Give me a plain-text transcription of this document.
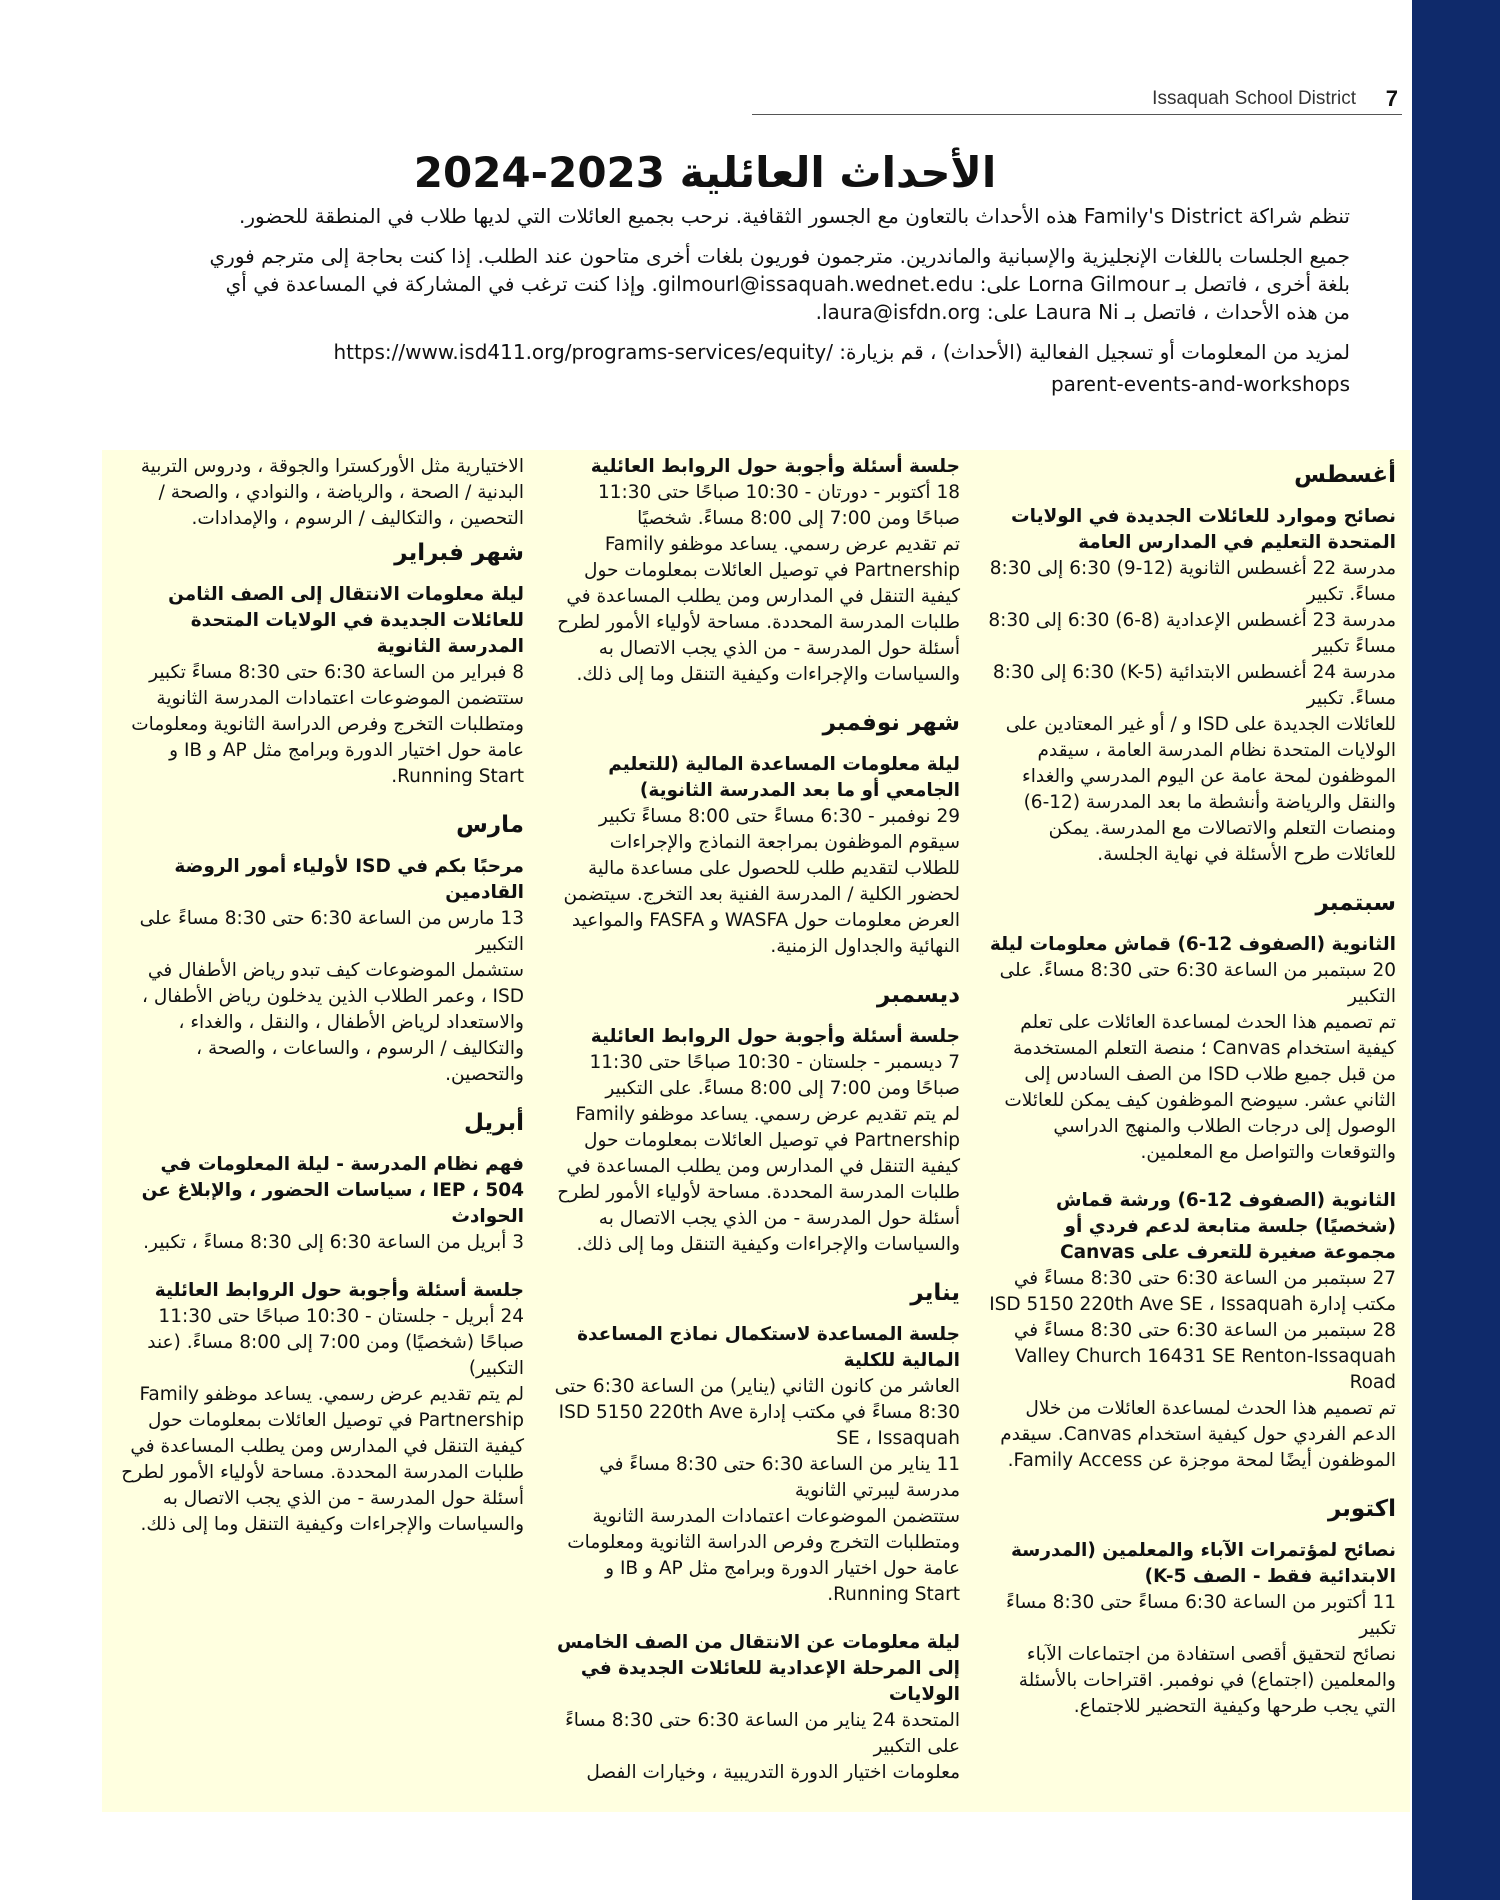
Issaquah School District 7
الأحداث العائلية 2023-2024

تنظم شراكة Family's District هذه الأحداث بالتعاون مع الجسور الثقافية. نرحب بجميع العائلات التي لديها طلاب في المنطقة للحضور.

جميع الجلسات باللغات الإنجليزية والإسبانية والماندرين. مترجمون فوريون بلغات أخرى متاحون عند الطلب. إذا كنت بحاجة إلى مترجم فوري بلغة أخرى ، فاتصل بـ Lorna Gilmour على: gilmourl@issaquah.wednet.edu. وإذا كنت ترغب في المشاركة في المساعدة في أي من هذه الأحداث ، فاتصل بـ Laura Ni على: laura@isfdn.org.

لمزيد من المعلومات أو تسجيل الفعالية (الأحداث) ، قم بزيارة: /https://www.isd411.org/programs-services/equity

parent-events-and-workshops

أغسطس

نصائح وموارد للعائلات الجديدة في الولايات المتحدة التعليم في المدارس العامة

مدرسة 22 أغسطس الثانوية (12-9) 6:30 إلى 8:30 مساءً. تكبير
مدرسة 23 أغسطس الإعدادية (8-6) 6:30 إلى 8:30 مساءً تكبير
مدرسة 24 أغسطس الابتدائية (K-5) 6:30 إلى 8:30 مساءً. تكبير
للعائلات الجديدة على ISD و / أو غير المعتادين على الولايات المتحدة نظام المدرسة العامة ، سيقدم الموظفون لمحة عامة عن اليوم المدرسي والغداء والنقل والرياضة وأنشطة ما بعد المدرسة (12-6) ومنصات التعلم والاتصالات مع المدرسة. يمكن للعائلات طرح الأسئلة في نهاية الجلسة.

سبتمبر

الثانوية (الصفوف 12-6) قماش معلومات ليلة

20 سبتمبر من الساعة 6:30 حتى 8:30 مساءً. على التكبير
تم تصميم هذا الحدث لمساعدة العائلات على تعلم كيفية استخدام Canvas ؛ منصة التعلم المستخدمة من قبل جميع طلاب ISD من الصف السادس إلى الثاني عشر. سيوضح الموظفون كيف يمكن للعائلات الوصول إلى درجات الطلاب والمنهج الدراسي والتوقعات والتواصل مع المعلمين.

الثانوية (الصفوف 12-6) ورشة قماش (شخصيًا) جلسة متابعة لدعم فردي أو مجموعة صغيرة للتعرف على Canvas

27 سبتمبر من الساعة 6:30 حتى 8:30 مساءً في مكتب إدارة ISD 5150 220th Ave SE ، Issaquah
28 سبتمبر من الساعة 6:30 حتى 8:30 مساءً في Valley Church 16431 SE Renton-Issaquah Road
تم تصميم هذا الحدث لمساعدة العائلات من خلال الدعم الفردي حول كيفية استخدام Canvas. سيقدم الموظفون أيضًا لمحة موجزة عن Family Access.

اكتوبر

نصائح لمؤتمرات الآباء والمعلمين (المدرسة الابتدائية فقط - الصف K-5)

11 أكتوبر من الساعة 6:30 مساءً حتى 8:30 مساءً تكبير
نصائح لتحقيق أقصى استفادة من اجتماعات الآباء والمعلمين (اجتماع) في نوفمبر. اقتراحات بالأسئلة التي يجب طرحها وكيفية التحضير للاجتماع.

جلسة أسئلة وأجوبة حول الروابط العائلية

18 أكتوبر - دورتان - 10:30 صباحًا حتى 11:30 صباحًا ومن 7:00 إلى 8:00 مساءً. شخصيًا
تم تقديم عرض رسمي. يساعد موظفو Family Partnership في توصيل العائلات بمعلومات حول كيفية التنقل في المدارس ومن يطلب المساعدة في طلبات المدرسة المحددة. مساحة لأولياء الأمور لطرح أسئلة حول المدرسة - من الذي يجب الاتصال به والسياسات والإجراءات وكيفية التنقل وما إلى ذلك.

شهر نوفمبر

ليلة معلومات المساعدة المالية (للتعليم الجامعي أو ما بعد المدرسة الثانوية)

29 نوفمبر - 6:30 مساءً حتى 8:00 مساءً تكبير
سيقوم الموظفون بمراجعة النماذج والإجراءات للطلاب لتقديم طلب للحصول على مساعدة مالية لحضور الكلية / المدرسة الفنية بعد التخرج. سيتضمن العرض معلومات حول WASFA و FASFA والمواعيد النهائية والجداول الزمنية.

ديسمبر

جلسة أسئلة وأجوبة حول الروابط العائلية

7 ديسمبر - جلستان - 10:30 صباحًا حتى 11:30 صباحًا ومن 7:00 إلى 8:00 مساءً. على التكبير
لم يتم تقديم عرض رسمي. يساعد موظفو Family Partnership في توصيل العائلات بمعلومات حول كيفية التنقل في المدارس ومن يطلب المساعدة في طلبات المدرسة المحددة. مساحة لأولياء الأمور لطرح أسئلة حول المدرسة - من الذي يجب الاتصال به والسياسات والإجراءات وكيفية التنقل وما إلى ذلك.

يناير

جلسة المساعدة لاستكمال نماذج المساعدة المالية للكلية

العاشر من كانون الثاني (يناير) من الساعة 6:30 حتى 8:30 مساءً في مكتب إدارة ISD 5150 220th Ave SE ، Issaquah
11 يناير من الساعة 6:30 حتى 8:30 مساءً في مدرسة ليبرتي الثانوية
ستتضمن الموضوعات اعتمادات المدرسة الثانوية ومتطلبات التخرج وفرص الدراسة الثانوية ومعلومات عامة حول اختيار الدورة وبرامج مثل AP و IB و Running Start.

ليلة معلومات عن الانتقال من الصف الخامس إلى المرحلة الإعدادية للعائلات الجديدة في الولايات

المتحدة 24 يناير من الساعة 6:30 حتى 8:30 مساءً على التكبير
معلومات اختيار الدورة التدريبية ، وخيارات الفصل

الاختيارية مثل الأوركسترا والجوقة ، ودروس التربية البدنية / الصحة ، والرياضة ، والنوادي ، والصحة / التحصين ، والتكاليف / الرسوم ، والإمدادات.

شهر فبراير

ليلة معلومات الانتقال إلى الصف الثامن للعائلات الجديدة في الولايات المتحدة المدرسة الثانوية

8 فبراير من الساعة 6:30 حتى 8:30 مساءً تكبير
ستتضمن الموضوعات اعتمادات المدرسة الثانوية ومتطلبات التخرج وفرص الدراسة الثانوية ومعلومات عامة حول اختيار الدورة وبرامج مثل AP و IB و Running Start.

مارس

مرحبًا بكم في ISD لأولياء أمور الروضة القادمين

13 مارس من الساعة 6:30 حتى 8:30 مساءً على التكبير
ستشمل الموضوعات كيف تبدو رياض الأطفال في ISD ، وعمر الطلاب الذين يدخلون رياض الأطفال ، والاستعداد لرياض الأطفال ، والنقل ، والغداء ، والتكاليف / الرسوم ، والساعات ، والصحة ، والتحصين.

أبريل

فهم نظام المدرسة - ليلة المعلومات في 504 ، IEP ، سياسات الحضور ، والإبلاغ عن الحوادث

3 أبريل من الساعة 6:30 إلى 8:30 مساءً ، تكبير.

جلسة أسئلة وأجوبة حول الروابط العائلية

24 أبريل - جلستان - 10:30 صباحًا حتى 11:30 صباحًا (شخصيًا) ومن 7:00 إلى 8:00 مساءً. (عند التكبير)
لم يتم تقديم عرض رسمي. يساعد موظفو Family Partnership في توصيل العائلات بمعلومات حول كيفية التنقل في المدارس ومن يطلب المساعدة في طلبات المدرسة المحددة. مساحة لأولياء الأمور لطرح أسئلة حول المدرسة - من الذي يجب الاتصال به والسياسات والإجراءات وكيفية التنقل وما إلى ذلك.
